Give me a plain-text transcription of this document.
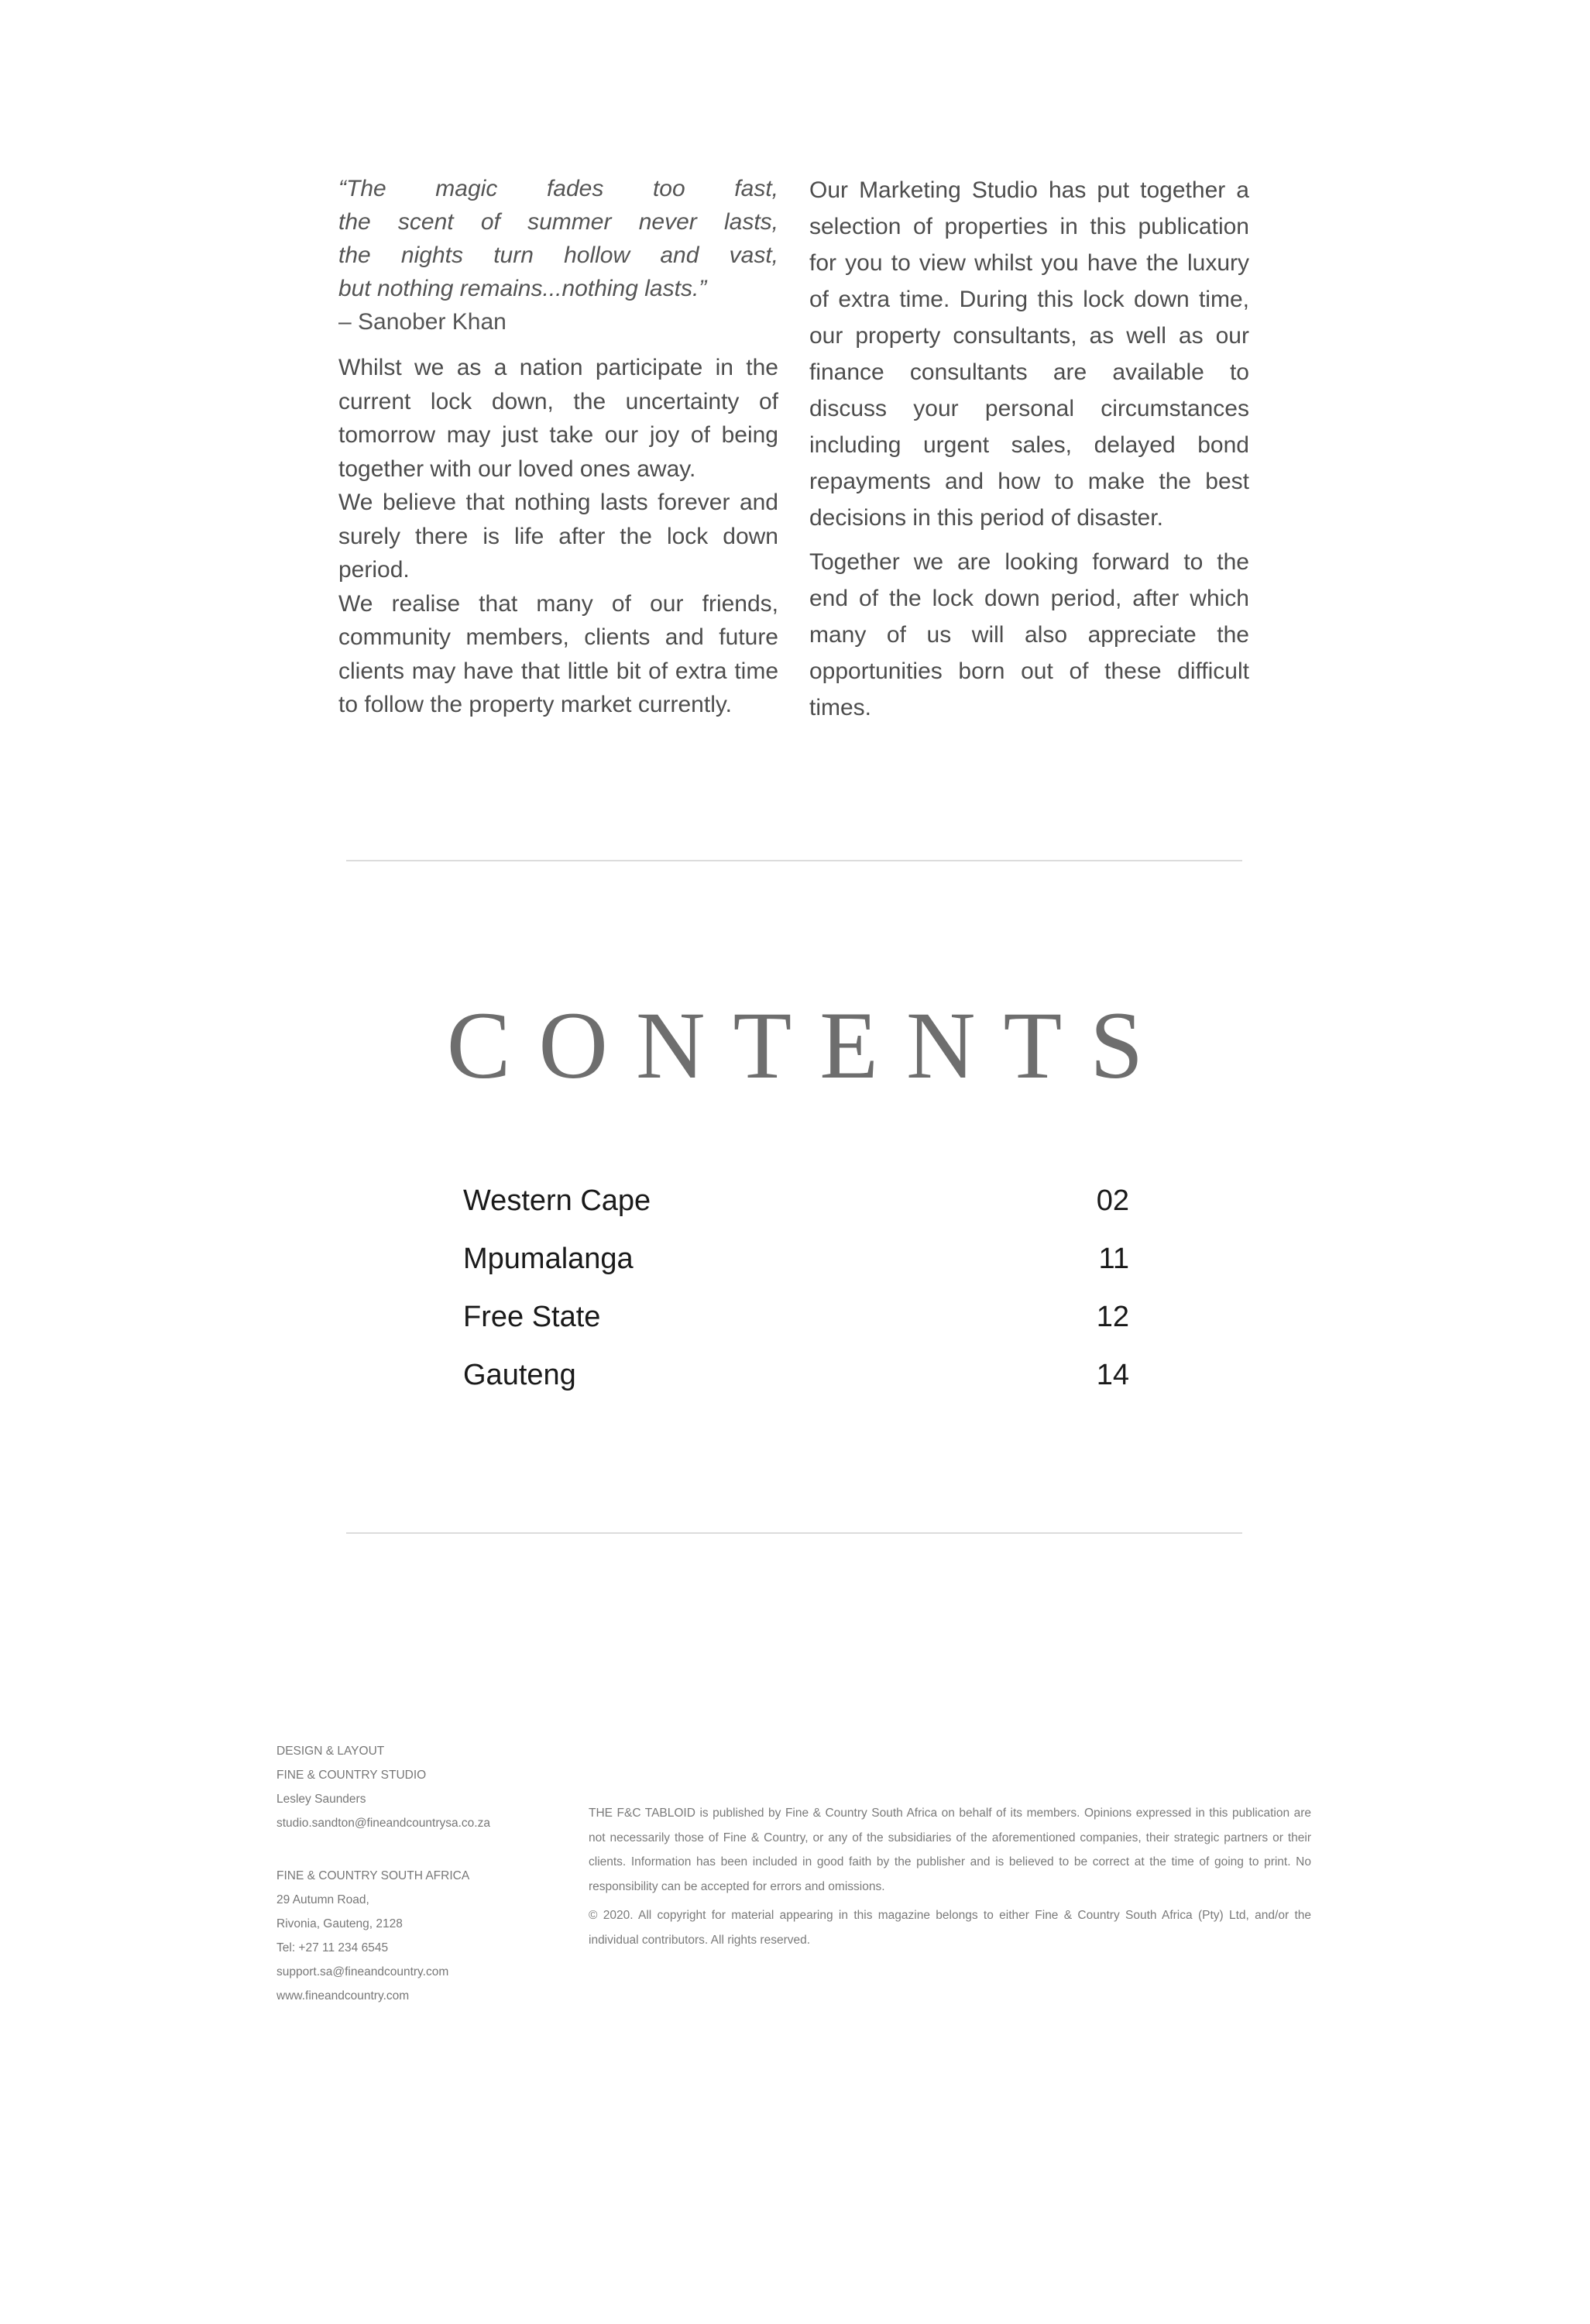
“The magic fades too fast,
the scent of summer never lasts,
the nights turn hollow and vast,
but nothing remains...nothing lasts.”
– Sanober Khan

Whilst we as a nation participate in the current lock down, the uncertainty of tomorrow may just take our joy of being together with our loved ones away.

We believe that nothing lasts forever and surely there is life after the lock down period.

We realise that many of our friends, community members, clients and future clients may have that little bit of extra time to follow the property market currently.

Our Marketing Studio has put together a selection of properties in this publication for you to view whilst you have the luxury of extra time. During this lock down time, our property consultants, as well as our finance consultants are available to discuss your personal circumstances including urgent sales, delayed bond repayments and how to make the best decisions in this period of disaster.

Together we are looking forward to the end of the lock down period, after which many of us will also appreciate the opportunities born out of these difficult times.

CONTENTS
Western Cape	02
Mpumalanga	11
Free State	12
Gauteng	14
DESIGN & LAYOUT
FINE & COUNTRY STUDIO
Lesley Saunders
studio.sandton@fineandcountrysa.co.za
FINE & COUNTRY SOUTH AFRICA
29 Autumn Road,
Rivonia, Gauteng, 2128
Tel: +27 11 234 6545
support.sa@fineandcountry.com
www.fineandcountry.com

THE F&C TABLOID is published by Fine & Country South Africa on behalf of its members. Opinions expressed in this publication are not necessarily those of Fine & Country, or any of the subsidiaries of the aforementioned companies, their strategic partners or their clients. Information has been included in good faith by the publisher and is believed to be correct at the time of going to print. No responsibility can be accepted for errors and omissions.

© 2020. All copyright for material appearing in this magazine belongs to either Fine & Country South Africa (Pty) Ltd, and/or the individual contributors. All rights reserved.
